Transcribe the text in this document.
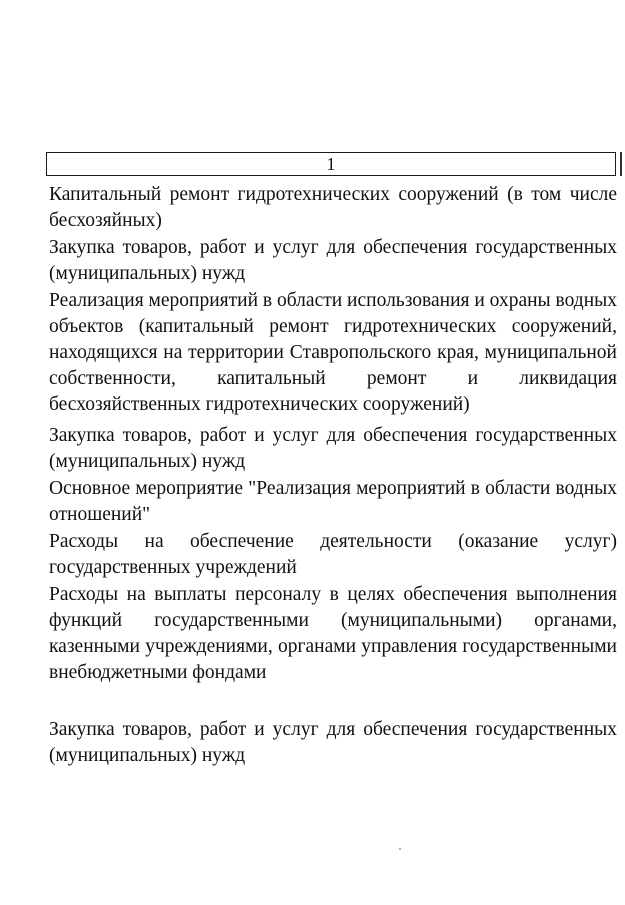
1

Капитальный ремонт гидротехнических сооружений (в том числе бесхозяйных)

Закупка товаров, работ и услуг для обеспечения государственных (муниципальных) нужд

Реализация мероприятий в области использования и охраны водных объектов (капитальный ремонт гидротехнических сооружений, находящихся на территории Ставропольского края, муниципальной собственности, капитальный ремонт и ликвидация бесхозяйственных гидротехнических сооружений)

Закупка товаров, работ и услуг для обеспечения государственных (муниципальных) нужд

Основное мероприятие "Реализация мероприятий в области водных отношений"

Расходы на обеспечение деятельности (оказание услуг) государственных учреждений

Расходы на выплаты персоналу в целях обеспечения выполнения функций государственными (муниципальными) органами, казенными учреждениями, органами управления государственными внебюджетными фондами

Закупка товаров, работ и услуг для обеспечения государственных (муниципальных) нужд
